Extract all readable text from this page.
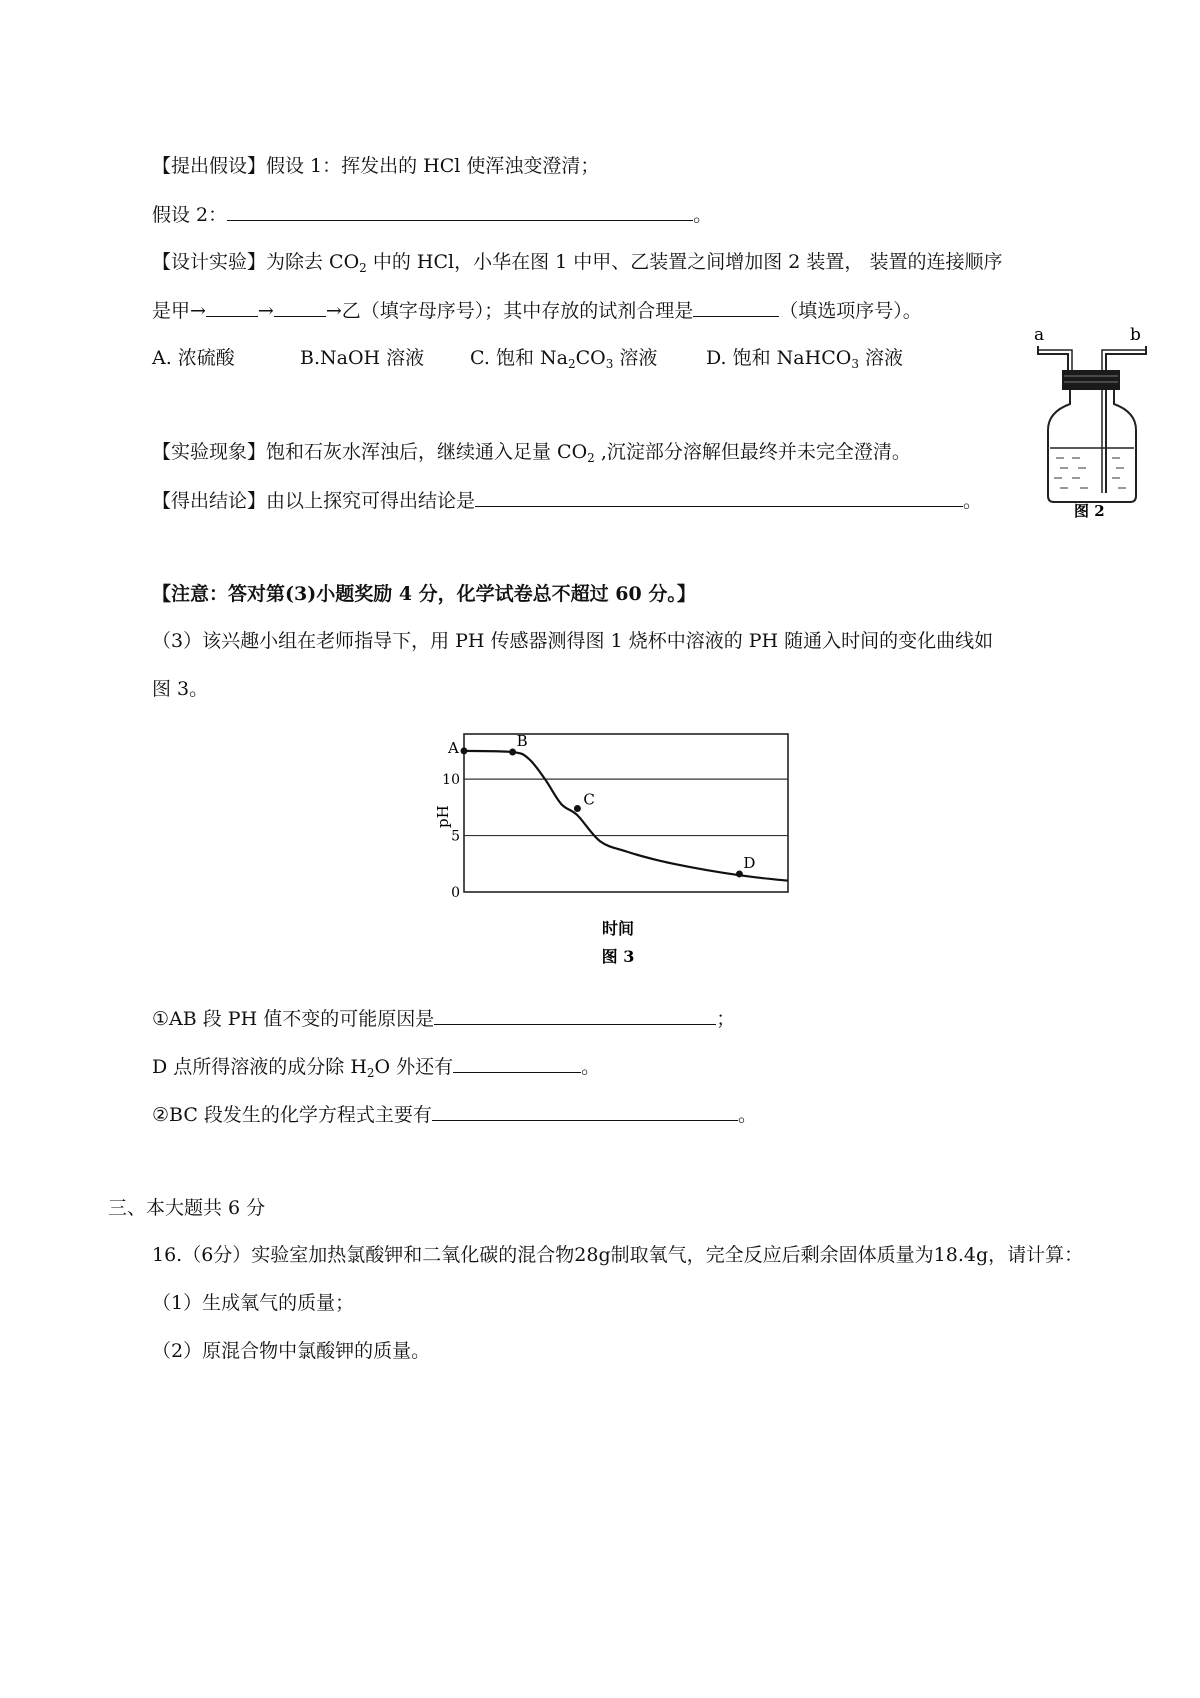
【提出假设】假设 1：挥发出的 HCl 使浑浊变澄清；
假设 2：	。
【设计实验】为除去 $CO_2$ 中的 HCl，小华在图 1 中甲、乙装置之间增加图 2 装置， 装置的连接顺序
是甲→	→	→乙（填字母序号）；其中存放的试剂合理是	（填选项序号）。
A. 浓硫酸	B.NaOH 溶液 C. 饱和 $Na_2CO_3$ 溶液	D. 饱和 NaHCO$_3$ 溶液
a	b
图 2
【实验现象】饱和石灰水浑浊后，继续通入足量 $CO_2$ ,沉淀部分溶解但最终并未完全澄清。
【得出结论】由以上探究可得出结论是	。
【注意：答对第(3)小题奖励 4 分，化学试卷总不超过 60 分。】
（3）该兴趣小组在老师指导下，用 PH 传感器测得图 1 烧杯中溶液的 PH 随通入时间的变化曲线如
图 3。
0
5
10
A	B
C
D
pH
时间
图 3
①AB 段 PH 值不变的可能原因是	；
D 点所得溶液的成分除 $H_2O$ 外还有	。
②BC 段发生的化学方程式主要有	。
三、本大题共 6 分
16.（6分）实验室加热氯酸钾和二氧化碳的混合物28g制取氧气，完全反应后剩余固体质量为18.4g，请计算：
（1）生成氧气的质量；
（2）原混合物中氯酸钾的质量。
